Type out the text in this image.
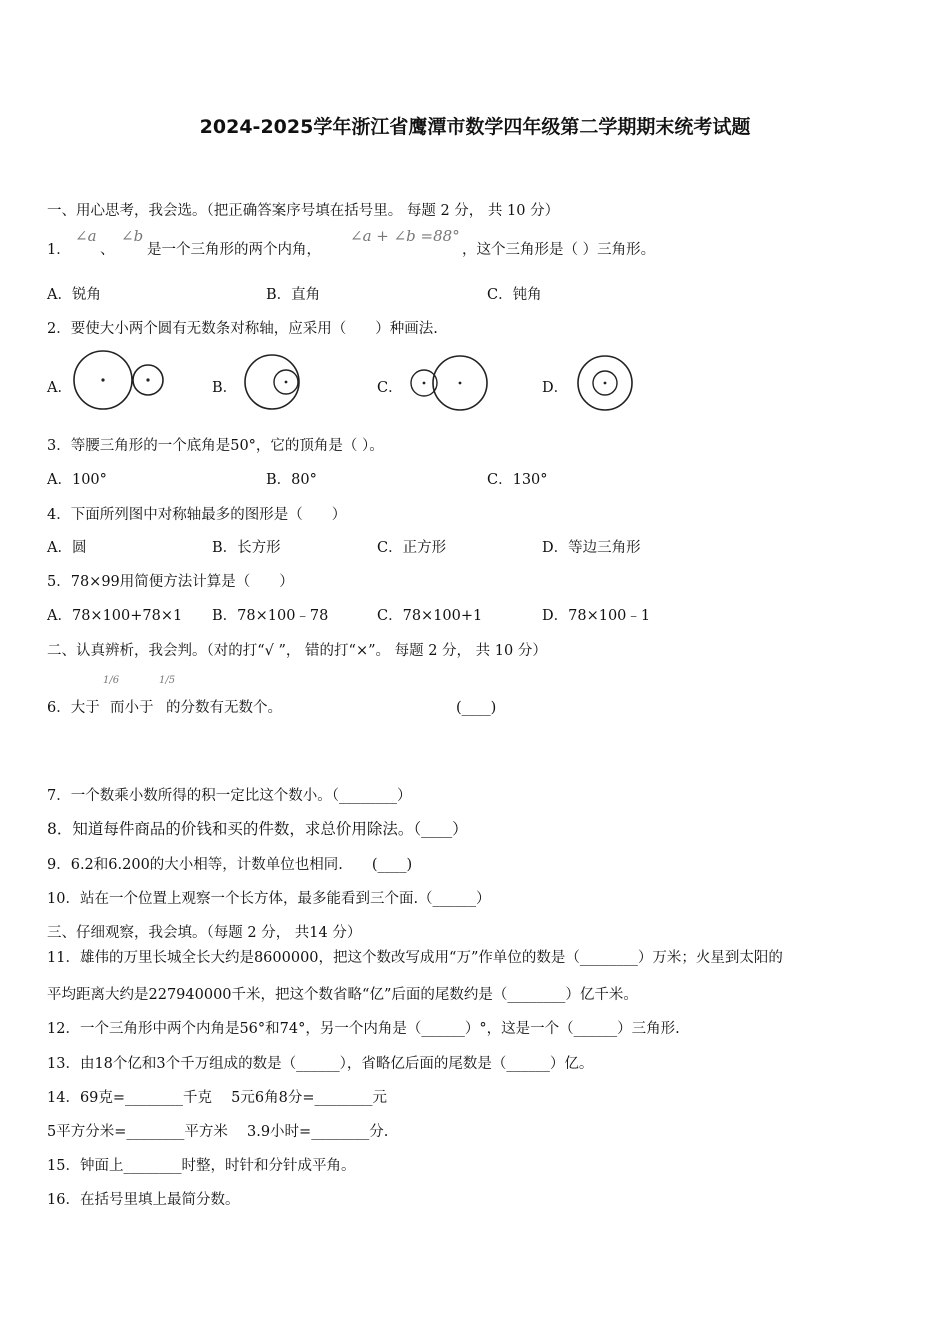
2024-2025学年浙江省鹰潭市数学四年级第二学期期末统考试题
一、用心思考，我会选。（把正确答案序号填在括号里。 每题 2 分， 共 10 分）
1．
∠a
、
∠b
是一个三角形的两个内角，
∠a + ∠b =88°
，这个三角形是（ ）三角形。
A．锐角	B．直角	C．钝角
2．要使大小两个圆有无数条对称轴，应采用（　　）种画法.
A．	B．	C．	D．
3．等腰三角形的一个底角是50°，它的顶角是（ ）。
A．100°	B．80°	C．130°
4．下面所列图中对称轴最多的图形是（　　）
A．圆	B．长方形	C．正方形	D．等边三角形
5．78×99用简便方法计算是（　　）
A．78×100+78×1 B．78×100﹣78	C．78×100+1	D．78×100﹣1
二、认真辨析，我会判。（对的打“√ ”， 错的打“×”。 每题 2 分， 共 10 分）
6．大于
1/6
而小于
1/5
的分数有无数个。	(____)
7．一个数乘小数所得的积一定比这个数小。（________）
8．知道每件商品的价钱和买的件数，求总价用除法。（____）
9．6.2和6.200的大小相等，计数单位也相同.　　(____)
10．站在一个位置上观察一个长方体，最多能看到三个面.（______）
三、仔细观察，我会填。（每题 2 分， 共14 分）
11．雄伟的万里长城全长大约是8600000，把这个数改写成用“万”作单位的数是（________）万米；火星到太阳的
平均距离大约是227940000千米，把这个数省略“亿”后面的尾数约是（________）亿千米。
12．一个三角形中两个内角是56°和74°，另一个内角是（______）°，这是一个（______）三角形.
13．由18个亿和3个千万组成的数是（______），省略亿后面的尾数是（______）亿。
14．69克=________千克　 5元6角8分=________元
5平方分米=________平方米　 3.9小时=________分.
15．钟面上________时整，时针和分针成平角。
16．在括号里填上最简分数。
